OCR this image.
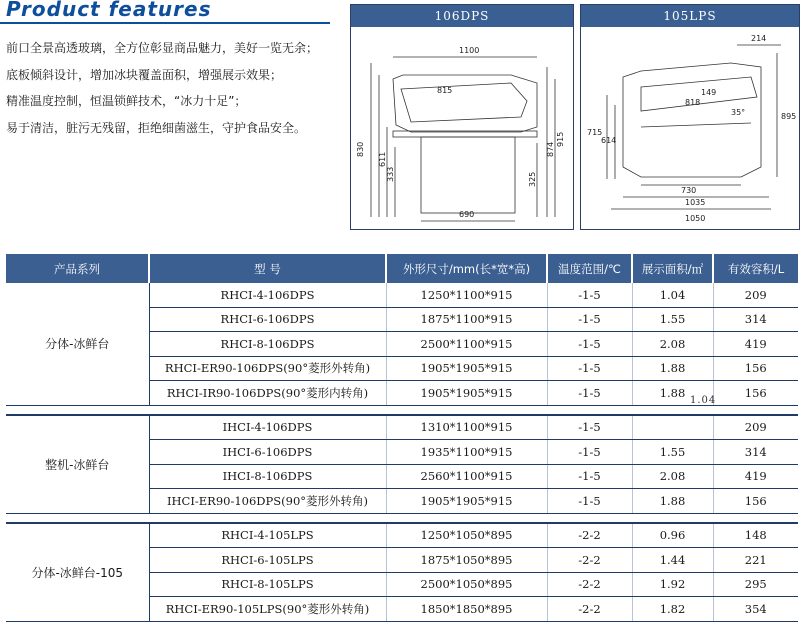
Product features
前口全景高透玻璃，全方位彰显商品魅力，美好一览无余；
底板倾斜设计，增加冰块覆盖面积，增强展示效果；
精准温度控制，恒温锁鲜技术，“冰力十足”；
易于清洁，脏污无残留，拒绝细菌滋生，守护食品安全。
106DPS
1100
815
830
611
333	325
874
915
690
105LPS
214
895
149
818
715
614
35°
730
1035
1050
产品系列	型 号	外形尺寸/mm(长*宽*高)	温度范围/℃	展示面积/㎡	有效容积/L
分体-冰鲜台	RHCI-4-106DPS	1250*1100*915	-1-5	1.04	209
	RHCI-6-106DPS	1875*1100*915	-1-5	1.55	314
	RHCI-8-106DPS	2500*1100*915	-1-5	2.08	419
	RHCI-ER90-106DPS(90°菱形外转角)	1905*1905*915	-1-5	1.88	156
	RHCI-IR90-106DPS(90°菱形内转角)	1905*1905*915	-1-5	1.88	156

整机-冰鲜台	IHCI-4-106DPS	1310*1100*915	-1-5		209
	IHCI-6-106DPS	1935*1100*915	-1-5	1.55	314
	IHCI-8-106DPS	2560*1100*915	-1-5	2.08	419
	IHCI-ER90-106DPS(90°菱形外转角)	1905*1905*915	-1-5	1.88	156

分体-冰鲜台-105	RHCI-4-105LPS	1250*1050*895	-2-2	0.96	148
	RHCI-6-105LPS	1875*1050*895	-2-2	1.44	221
	RHCI-8-105LPS	2500*1050*895	-2-2	1.92	295
	RHCI-ER90-105LPS(90°菱形外转角)	1850*1850*895	-2-2	1.82	354
1.04
